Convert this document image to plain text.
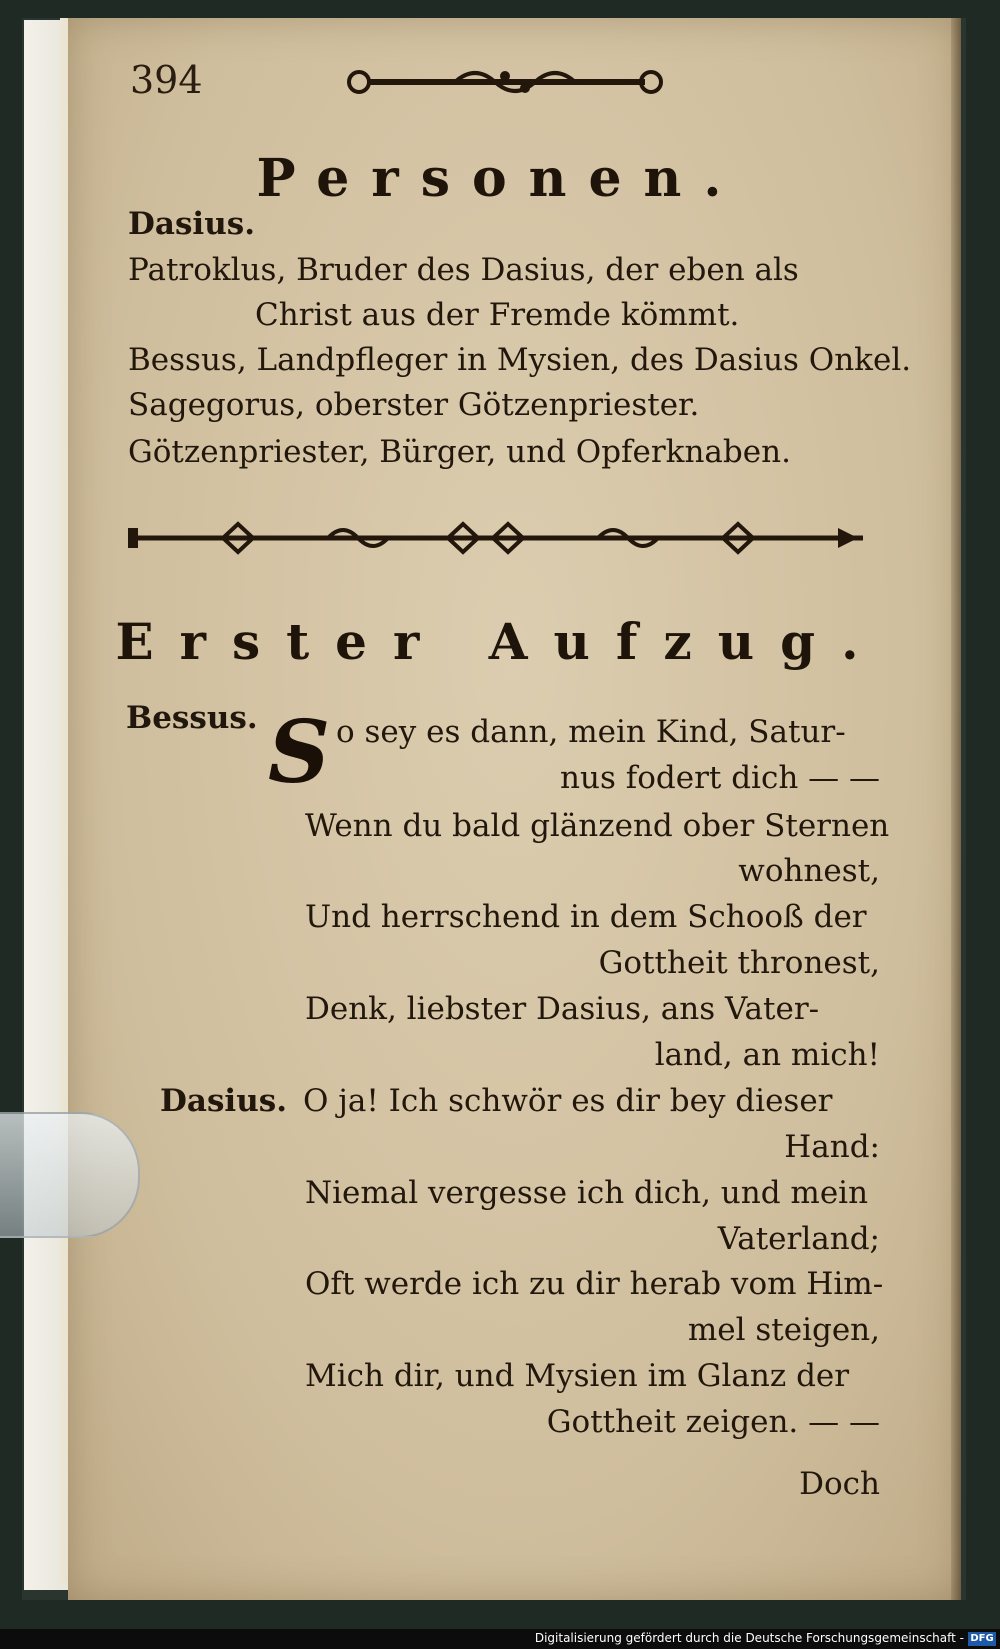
394
Personen.
Dasius.
Patroklus, Bruder des Dasius, der eben als
Christ aus der Fremde kömmt.
Bessus, Landpfleger in Mysien, des Dasius Onkel.
Sagegorus, oberster Götzenpriester.
Götzenpriester, Bürger, und Opferknaben.
Erster Aufzug.
Bessus. S o sey es dann, mein Kind, Satur-
nus fodert dich — —
Wenn du bald glänzend ober Sternen
wohnest,
Und herrschend in dem Schooß der
Gottheit thronest,
Denk, liebster Dasius, ans Vater-
land, an mich!
Dasius. O ja! Ich schwör es dir bey dieser
Hand:
Niemal vergesse ich dich, und mein
Vaterland;
Oft werde ich zu dir herab vom Him-
mel steigen,
Mich dir, und Mysien im Glanz der
Gottheit zeigen. — —
Doch
Digitalisierung gefördert durch die Deutsche Forschungsgemeinschaft - DFG
